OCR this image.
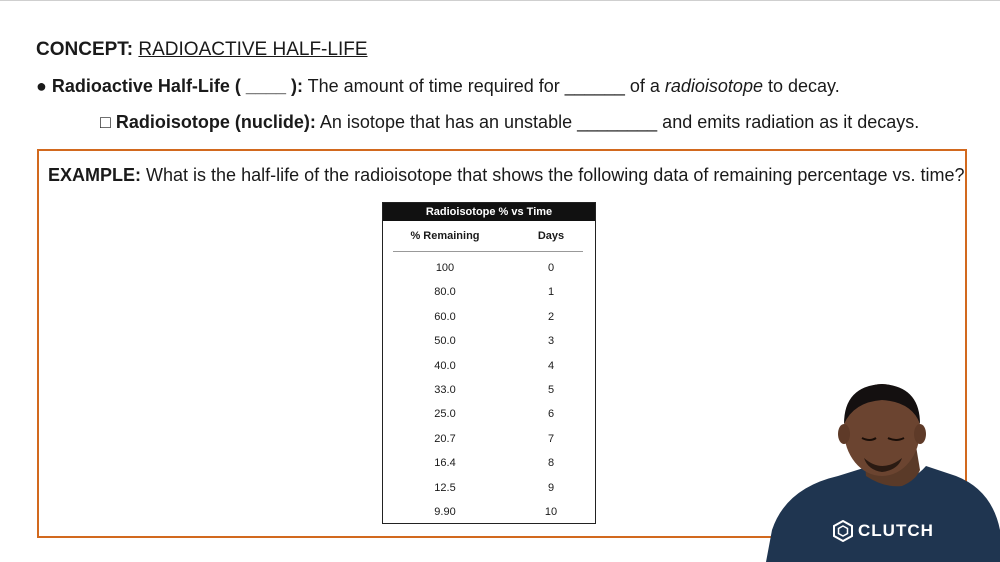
CONCEPT: RADIOACTIVE HALF-LIFE
● Radioactive Half-Life ( ____ ): The amount of time required for ______ of a radioisotope to decay.
□ Radioisotope (nuclide): An isotope that has an unstable ________ and emits radiation as it decays.
EXAMPLE: What is the half-life of the radioisotope that shows the following data of remaining percentage vs. time?
Radioisotope % vs Time
% Remaining	Days
100	0
80.0	1
60.0	2
50.0	3
40.0	4
33.0	5
25.0	6
20.7	7
16.4	8
12.5	9
9.90	10
CLUTCH
